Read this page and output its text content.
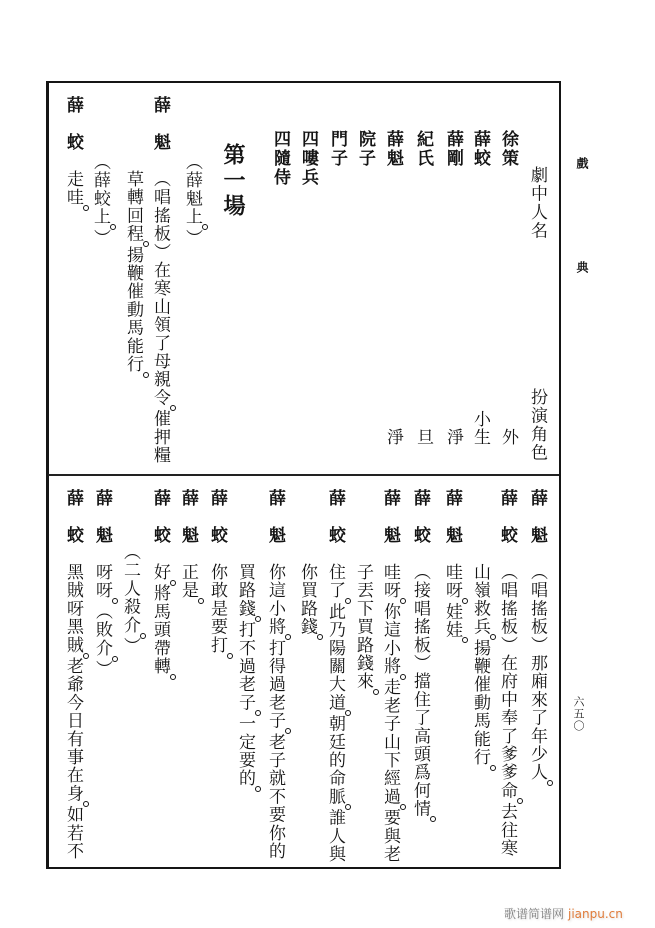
戲
典
六五〇
劇中人名
扮演角色
徐策
外
薛蛟
小生
薛剛
淨
紀氏
旦
薛魁
淨
院子
門子
四嘍兵
四隨侍
第一場
（薛魁上）
薛魁
（唱搖板）在寒山領了母親令催押糧
草轉回程揚鞭催動馬能行
（薛蛟上）
薛蛟
走哇
薛魁
（唱搖板）那廂來了年少人
薛蛟
（唱搖板）在府中奉了爹爹命去往寒
山嶺救兵揚鞭催動馬能行
薛魁
哇呀娃娃
薛蛟
（接唱搖板）擋住了高頭爲何情
薛魁
哇呀你這小將走老子山下經過要與老
子丟下買路錢來
薛蛟
住了此乃陽關大道朝廷的命脈誰人與
你買路錢
薛魁
你這小將打得過老子老子就不要你的
買路錢打不過老子一定要的
薛蛟
你敢是要打
薛魁
正是
薛蛟
好將馬頭帶轉
（二人殺介）
薛魁
呀呀（敗介）
薛蛟
黑賊呀黑賊老爺今日有事在身如若不
歌谱简谱网 jianpu.cn
